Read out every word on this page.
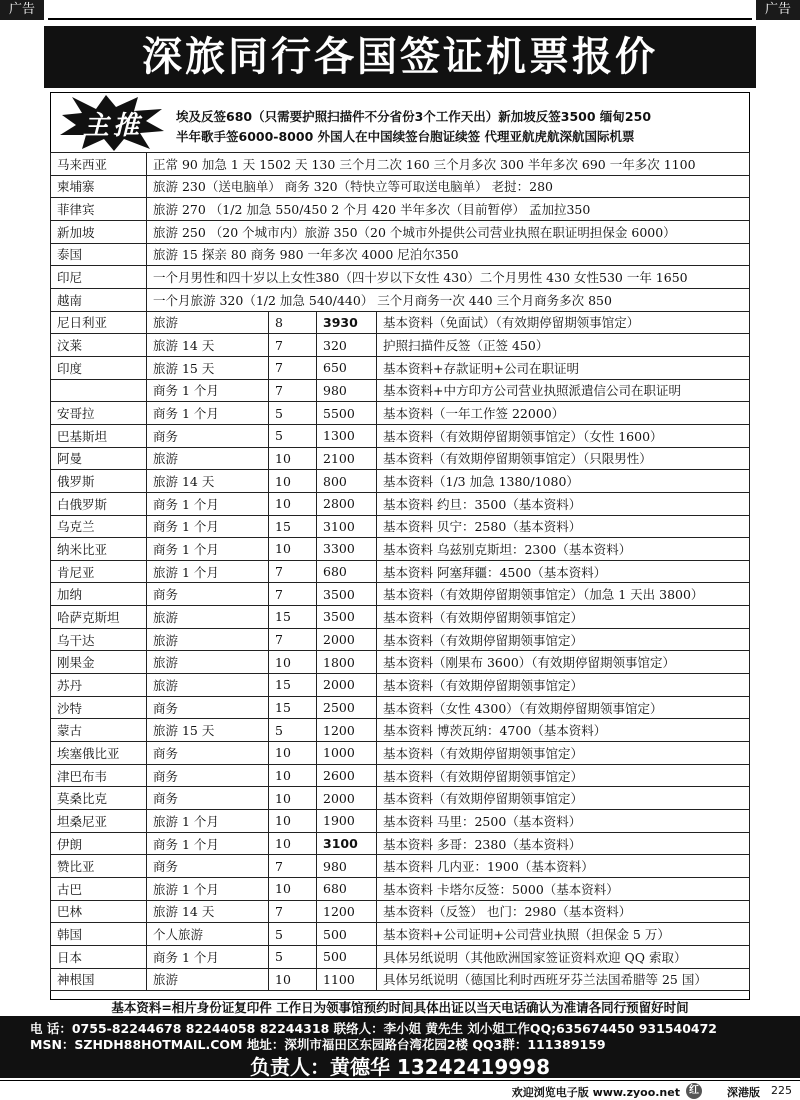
广告	广告
深旅同行各国签证机票报价
主推	埃及反签680（只需要护照扫描件不分省份3个工作天出）新加坡反签3500 缅甸250
半年歌手签6000-8000 外国人在中国续签台胞证续签 代理亚航虎航深航国际机票
马来西亚	正常 90 加急 1 天 1502 天 130 三个月二次 160 三个月多次 300 半年多次 690 一年多次 1100			
柬埔寨	旅游 230（送电脑单） 商务 320（特快立等可取送电脑单） 老挝：280			
菲律宾	旅游 270 （1/2 加急 550/450 2 个月 420 半年多次（目前暂停） 孟加拉350			
新加坡	旅游 250 （20 个城市内）旅游 350（20 个城市外提供公司营业执照在职证明担保金 6000）			
泰国	旅游 15 探亲 80 商务 980 一年多次 4000 尼泊尔350			
印尼	一个月男性和四十岁以上女性380（四十岁以下女性 430）二个月男性 430 女性530 一年 1650			
越南	一个月旅游 320（1/2 加急 540/440） 三个月商务一次 440 三个月商务多次 850			
尼日利亚	旅游	8	3930	基本资料（免面试）（有效期停留期领事馆定）
汶莱	旅游 14 天	7	320	护照扫描件反签（正签 450）
印度	旅游 15 天	7	650	基本资料+存款证明+公司在职证明
	商务 1 个月	7	980	基本资料+中方印方公司营业执照派遣信公司在职证明
安哥拉	商务 1 个月	5	5500	基本资料（一年工作签 22000）
巴基斯坦	商务	5	1300	基本资料（有效期停留期领事馆定）（女性 1600）
阿曼	旅游	10	2100	基本资料（有效期停留期领事馆定）（只限男性）
俄罗斯	旅游 14 天	10	800	基本资料（1/3 加急 1380/1080）
白俄罗斯	商务 1 个月	10	2800	基本资料 约旦：3500（基本资料）
乌克兰	商务 1 个月	15	3100	基本资料 贝宁：2580（基本资料）
纳米比亚	商务 1 个月	10	3300	基本资料 乌兹别克斯坦：2300（基本资料）
肯尼亚	旅游 1 个月	7	680	基本资料 阿塞拜疆：4500（基本资料）
加纳	商务	7	3500	基本资料（有效期停留期领事馆定）（加急 1 天出 3800）
哈萨克斯坦	旅游	15	3500	基本资料（有效期停留期领事馆定）
乌干达	旅游	7	2000	基本资料（有效期停留期领事馆定）
刚果金	旅游	10	1800	基本资料（刚果布 3600）（有效期停留期领事馆定）
苏丹	旅游	15	2000	基本资料（有效期停留期领事馆定）
沙特	商务	15	2500	基本资料（女性 4300）（有效期停留期领事馆定）
蒙古	旅游 15 天	5	1200	基本资料 博茨瓦纳：4700（基本资料）
埃塞俄比亚	商务	10	1000	基本资料（有效期停留期领事馆定）
津巴布韦	商务	10	2600	基本资料（有效期停留期领事馆定）
莫桑比克	商务	10	2000	基本资料（有效期停留期领事馆定）
坦桑尼亚	旅游 1 个月	10	1900	基本资料 马里：2500（基本资料）
伊朗	商务 1 个月	10	3100	基本资料 多哥：2380（基本资料）
赞比亚	商务	7	980	基本资料 几内亚：1900（基本资料）
古巴	旅游 1 个月	10	680	基本资料 卡塔尔反签：5000（基本资料）
巴林	旅游 14 天	7	1200	基本资料（反签） 也门：2980（基本资料）
韩国	个人旅游	5	500	基本资料+公司证明+公司营业执照（担保金 5 万）
日本	商务 1 个月	5	500	具体另纸说明（其他欧洲国家签证资料欢迎 QQ 索取）
神根国	旅游	10	1100	具体另纸说明（德国比利时西班牙芬兰法国希腊等 25 国）
基本资料=相片身份证复印件 工作日为领事馆预约时间具体出证以当天电话确认为准请各同行预留好时间
电 话：0755-82244678 82244058 82244318 联络人：李小姐 黄先生 刘小姐工作QQ;635674450 931540472
MSN：SZHDH88HOTMAIL.COM 地址：深圳市福田区东园路台湾花园2楼 QQ3群：111389159
负责人：黄德华 13242419998
欢迎浏览电子版 www.zyoo.net 红	深港版 225
